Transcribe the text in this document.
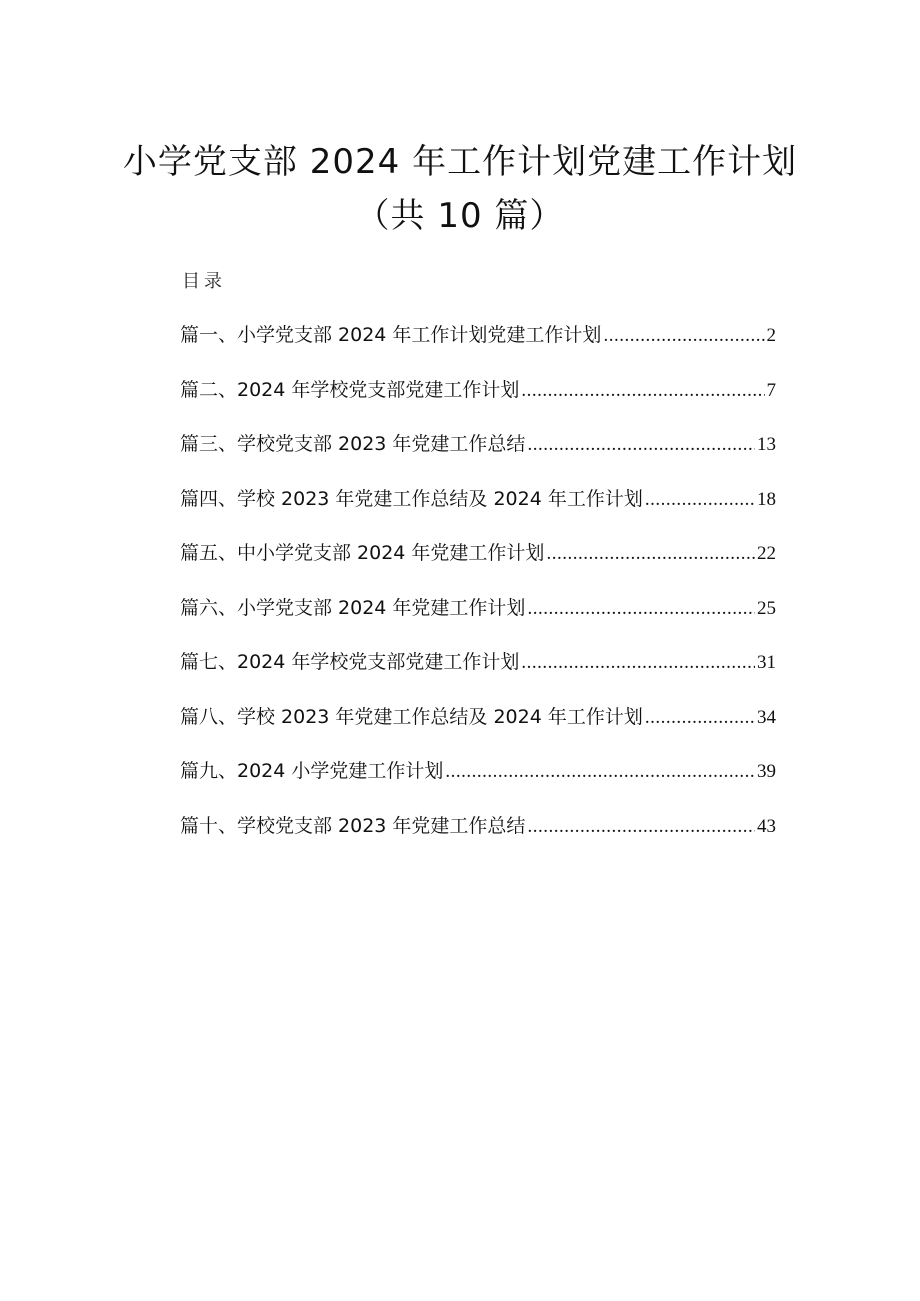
小学党支部 2024 年工作计划党建工作计划
（共 10 篇）
目录
篇一、小学党支部 2024 年工作计划党建工作计划 .....	2
篇二、2024 年学校党支部党建工作计划 .....	7
篇三、学校党支部 2023 年党建工作总结 .....	13
篇四、学校 2023 年党建工作总结及 2024 年工作计划 .....	18
篇五、中小学党支部 2024 年党建工作计划 .....	22
篇六、小学党支部 2024 年党建工作计划 .....	25
篇七、2024 年学校党支部党建工作计划 .....	31
篇八、学校 2023 年党建工作总结及 2024 年工作计划 .....	34
篇九、2024 小学党建工作计划 .....	39
篇十、学校党支部 2023 年党建工作总结 .....	43
